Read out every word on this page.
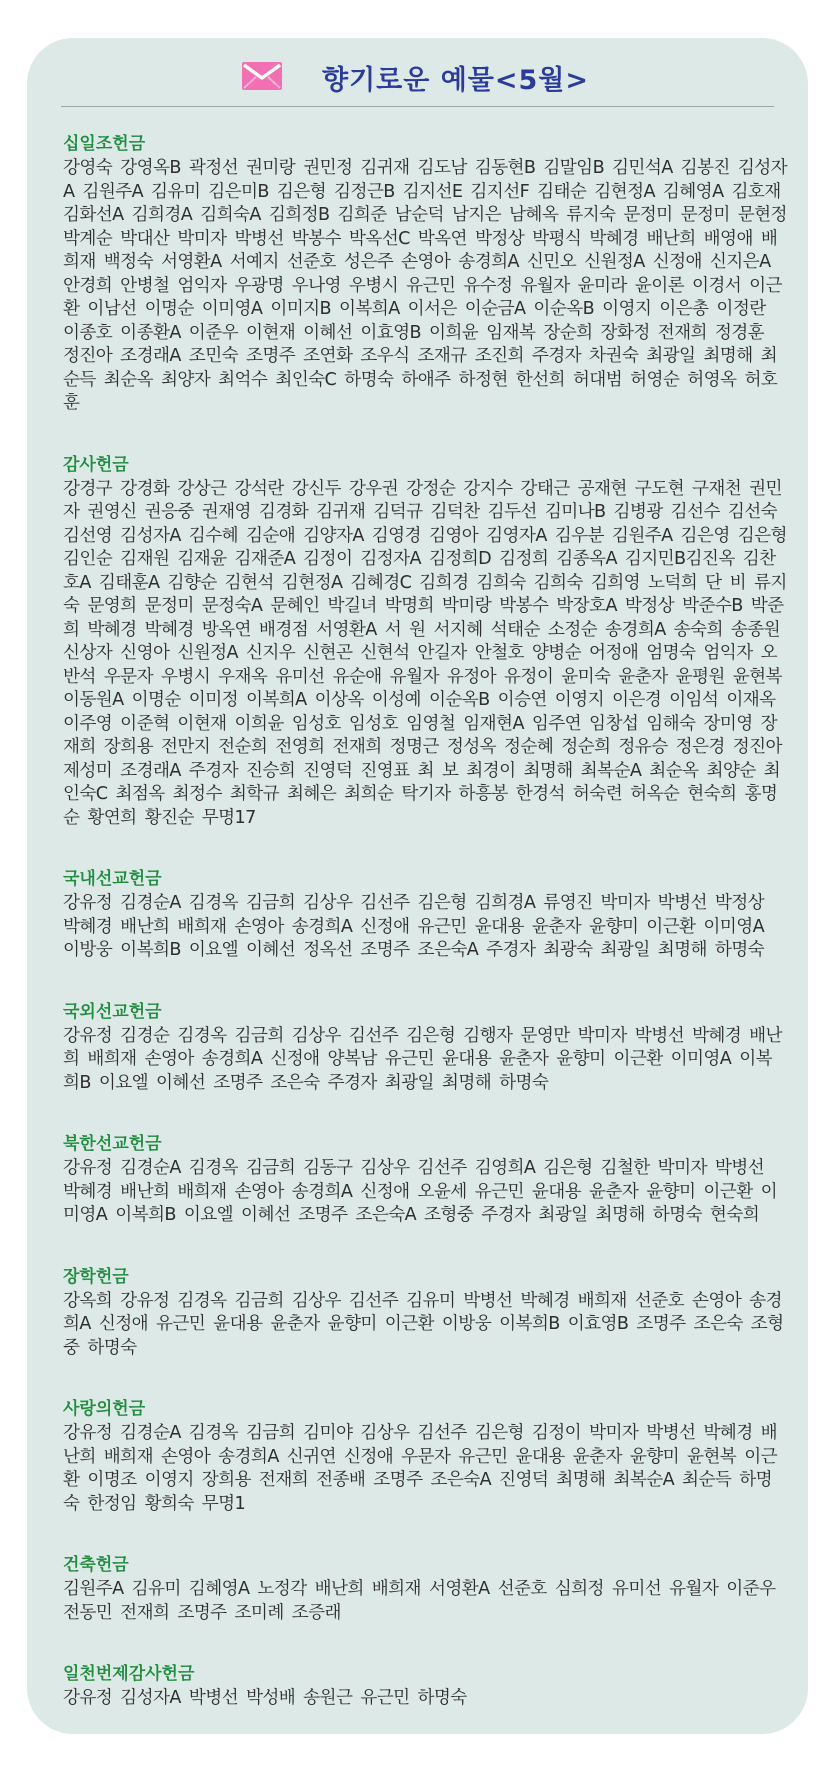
향기로운 예물<5월>
십일조헌금
강영숙 강영옥B 곽정선 권미랑 권민정 김귀재 김도남 김동현B 김말임B 김민석A 김봉진 김성자A 김원주A 김유미 김은미B 김은형 김정근B 김지선E 김지선F 김태순 김현정A 김혜영A 김호재 김화선A 김희경A 김희숙A 김희정B 김희준 남순덕 남지은 남혜옥 류지숙 문정미 문정미 문현정 박계순 박대산 박미자 박병선 박봉수 박옥선C 박옥연 박정상 박평식 박혜경 배난희 배영애 배희재 백정숙 서영환A 서예지 선준호 성은주 손영아 송경희A 신민오 신원정A 신정애 신지은A 안경희 안병철 엄익자 우광명 우나영 우병시 유근민 유수정 유월자 윤미라 윤이론 이경서 이근환 이남선 이명순 이미영A 이미지B 이복희A 이서은 이순금A 이순옥B 이영지 이은총 이정란 이종호 이종환A 이준우 이현재 이혜선 이효영B 이희윤 임재복 장순희 장화정 전재희 정경훈 정진아 조경래A 조민숙 조명주 조연화 조우식 조재규 조진희 주경자 차권숙 최광일 최명해 최순득 최순옥 최양자 최억수 최인숙C 하명숙 하애주 하정현 한선희 허대범 허영순 허영옥 허호훈
감사헌금
강경구 강경화 강상근 강석란 강신두 강우권 강정순 강지수 강태근 공재현 구도현 구재천 권민자 권영신 권응중 권재영 김경화 김귀재 김덕규 김덕찬 김두선 김미나B 김병광 김선수 김선숙 김선영 김성자A 김수혜 김순애 김양자A 김영경 김영아 김영자A 김우분 김원주A 김은영 김은형 김인순 김재원 김재윤 김재준A 김정이 김정자A 김정희D 김정희 김종옥A 김지민B김진옥 김찬호A 김태훈A 김향순 김현석 김현정A 김혜경C 김희경 김희숙 김희숙 김희영 노덕희 단 비 류지숙 문영희 문정미 문정숙A 문혜인 박길녀 박명희 박미랑 박봉수 박장호A 박정상 박준수B 박준희 박혜경 박혜경 방옥연 배경점 서영환A 서 원 서지혜 석태순 소정순 송경희A 송숙희 송종원 신상자 신영아 신원정A 신지우 신현곤 신현석 안길자 안철호 양병순 어정애 엄명숙 엄익자 오반석 우문자 우병시 우재옥 유미선 유순애 유월자 유정아 유정이 윤미숙 윤춘자 윤평원 윤현복 이동원A 이명순 이미정 이복희A 이상옥 이성예 이순옥B 이승연 이영지 이은경 이임석 이재옥 이주영 이준혁 이현재 이희윤 임성호 임성호 임영철 임재현A 임주연 임창섭 임해숙 장미영 장재희 장희용 전만지 전순희 전영희 전재희 정명근 정성옥 정순혜 정순희 정유승 정은경 정진아 제성미 조경래A 주경자 진승희 진영덕 진영표 최 보 최경이 최명해 최복순A 최순옥 최양순 최인숙C 최점옥 최정수 최학규 최혜은 최희순 탁기자 하흥봉 한경석 허숙련 허옥순 현숙희 홍명순 황연희 황진순 무명17
국내선교헌금
강유정 김경순A 김경옥 김금희 김상우 김선주 김은형 김희경A 류영진 박미자 박병선 박정상 박혜경 배난희 배희재 손영아 송경희A 신정애 유근민 윤대용 윤춘자 윤향미 이근환 이미영A 이방웅 이복희B 이요엘 이혜선 정옥선 조명주 조은숙A 주경자 최광숙 최광일 최명해 하명숙
국외선교헌금
강유정 김경순 김경옥 김금희 김상우 김선주 김은형 김행자 문영만 박미자 박병선 박혜경 배난희 배희재 손영아 송경희A 신정애 양복남 유근민 윤대용 윤춘자 윤향미 이근환 이미영A 이복희B 이요엘 이혜선 조명주 조은숙 주경자 최광일 최명해 하명숙
북한선교헌금
강유정 김경순A 김경옥 김금희 김동구 김상우 김선주 김영희A 김은형 김철한 박미자 박병선 박혜경 배난희 배희재 손영아 송경희A 신정애 오윤세 유근민 윤대용 윤춘자 윤향미 이근환 이미영A 이복희B 이요엘 이혜선 조명주 조은숙A 조형중 주경자 최광일 최명해 하명숙 현숙희
장학헌금
강옥희 강유정 김경옥 김금희 김상우 김선주 김유미 박병선 박혜경 배희재 선준호 손영아 송경희A 신정애 유근민 윤대용 윤춘자 윤향미 이근환 이방웅 이복희B 이효영B 조명주 조은숙 조형중 하명숙
사랑의헌금
강유정 김경순A 김경옥 김금희 김미야 김상우 김선주 김은형 김정이 박미자 박병선 박혜경 배난희 배희재 손영아 송경희A 신귀연 신정애 우문자 유근민 윤대용 윤춘자 윤향미 윤현복 이근환 이명조 이영지 장희용 전재희 전종배 조명주 조은숙A 진영덕 최명해 최복순A 최순득 하명숙 한정임 황희숙 무명1
건축헌금
김원주A 김유미 김혜영A 노정각 배난희 배희재 서영환A 선준호 심희정 유미선 유월자 이준우 전동민 전재희 조명주 조미례 조증래
일천번제감사헌금
강유정 김성자A 박병선 박성배 송원근 유근민 하명숙
